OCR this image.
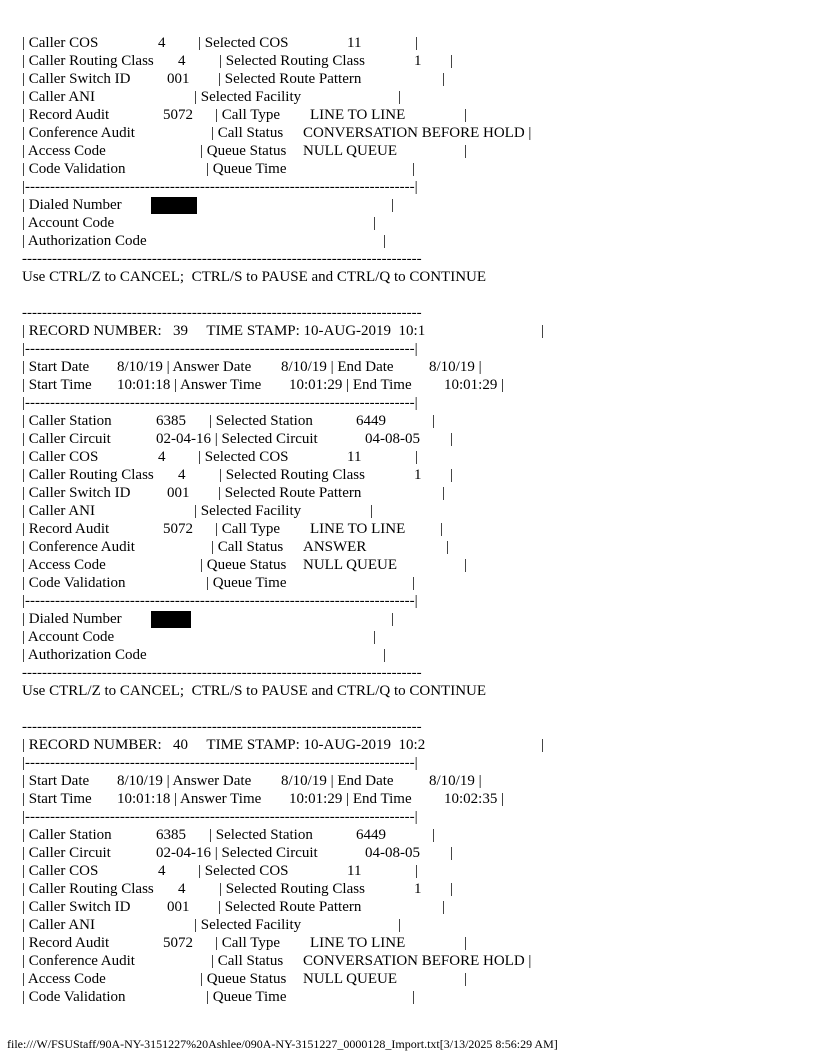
| Caller COS	4 | Selected COS	11	|
| Caller Routing Class 4 | Selected Routing Class	1 |
| Caller Switch ID 001 | Selected Route Pattern	|
| Caller ANI	| Selected Facility	|
| Record Audit	5072 | Call Type LINE TO LINE	|
| Conference Audit	| Call Status CONVERSATION BEFORE HOLD |
| Access Code	| Queue Status NULL QUEUE	|
| Code Validation	| Queue Time	|
|------------------------------------------------------------------------------|
| Dialed Number	|
| Account Code	|
| Authorization Code	|
--------------------------------------------------------------------------------
Use CTRL/Z to CANCEL;  CTRL/S to PAUSE and CTRL/Q to CONTINUE
--------------------------------------------------------------------------------
| RECORD NUMBER:   39     TIME STAMP: 10-AUG-2019  10:1	|
|------------------------------------------------------------------------------|
| Start Date 8/10/19 | Answer Date 8/10/19 | End Date 8/10/19 |
| Start Time 10:01:18 | Answer Time 10:01:29 | End Time 10:01:29 |
|------------------------------------------------------------------------------|
| Caller Station	6385 | Selected Station	6449	|
| Caller Circuit	02-04-16 | Selected Circuit	04-08-05 |
| Caller COS	4 | Selected COS	11	|
| Caller Routing Class 4 | Selected Routing Class	1 |
| Caller Switch ID 001 | Selected Route Pattern	|
| Caller ANI	| Selected Facility	|
| Record Audit	5072 | Call Type LINE TO LINE |
| Conference Audit	| Call Status ANSWER	|
| Access Code	| Queue Status NULL QUEUE	|
| Code Validation	| Queue Time	|
|------------------------------------------------------------------------------|
| Dialed Number	|
| Account Code	|
| Authorization Code	|
--------------------------------------------------------------------------------
Use CTRL/Z to CANCEL;  CTRL/S to PAUSE and CTRL/Q to CONTINUE
--------------------------------------------------------------------------------
| RECORD NUMBER:   40     TIME STAMP: 10-AUG-2019  10:2	|
|------------------------------------------------------------------------------|
| Start Date 8/10/19 | Answer Date 8/10/19 | End Date 8/10/19 |
| Start Time 10:01:18 | Answer Time 10:01:29 | End Time 10:02:35 |
|------------------------------------------------------------------------------|
| Caller Station	6385 | Selected Station	6449	|
| Caller Circuit	02-04-16 | Selected Circuit	04-08-05 |
| Caller COS	4 | Selected COS	11	|
| Caller Routing Class 4 | Selected Routing Class	1 |
| Caller Switch ID 001 | Selected Route Pattern	|
| Caller ANI	| Selected Facility	|
| Record Audit	5072 | Call Type LINE TO LINE	|
| Conference Audit	| Call Status CONVERSATION BEFORE HOLD |
| Access Code	| Queue Status NULL QUEUE	|
| Code Validation	| Queue Time	|
file:///W/FSUStaff/90A-NY-3151227%20Ashlee/090A-NY-3151227_0000128_Import.txt[3/13/2025 8:56:29 AM]
